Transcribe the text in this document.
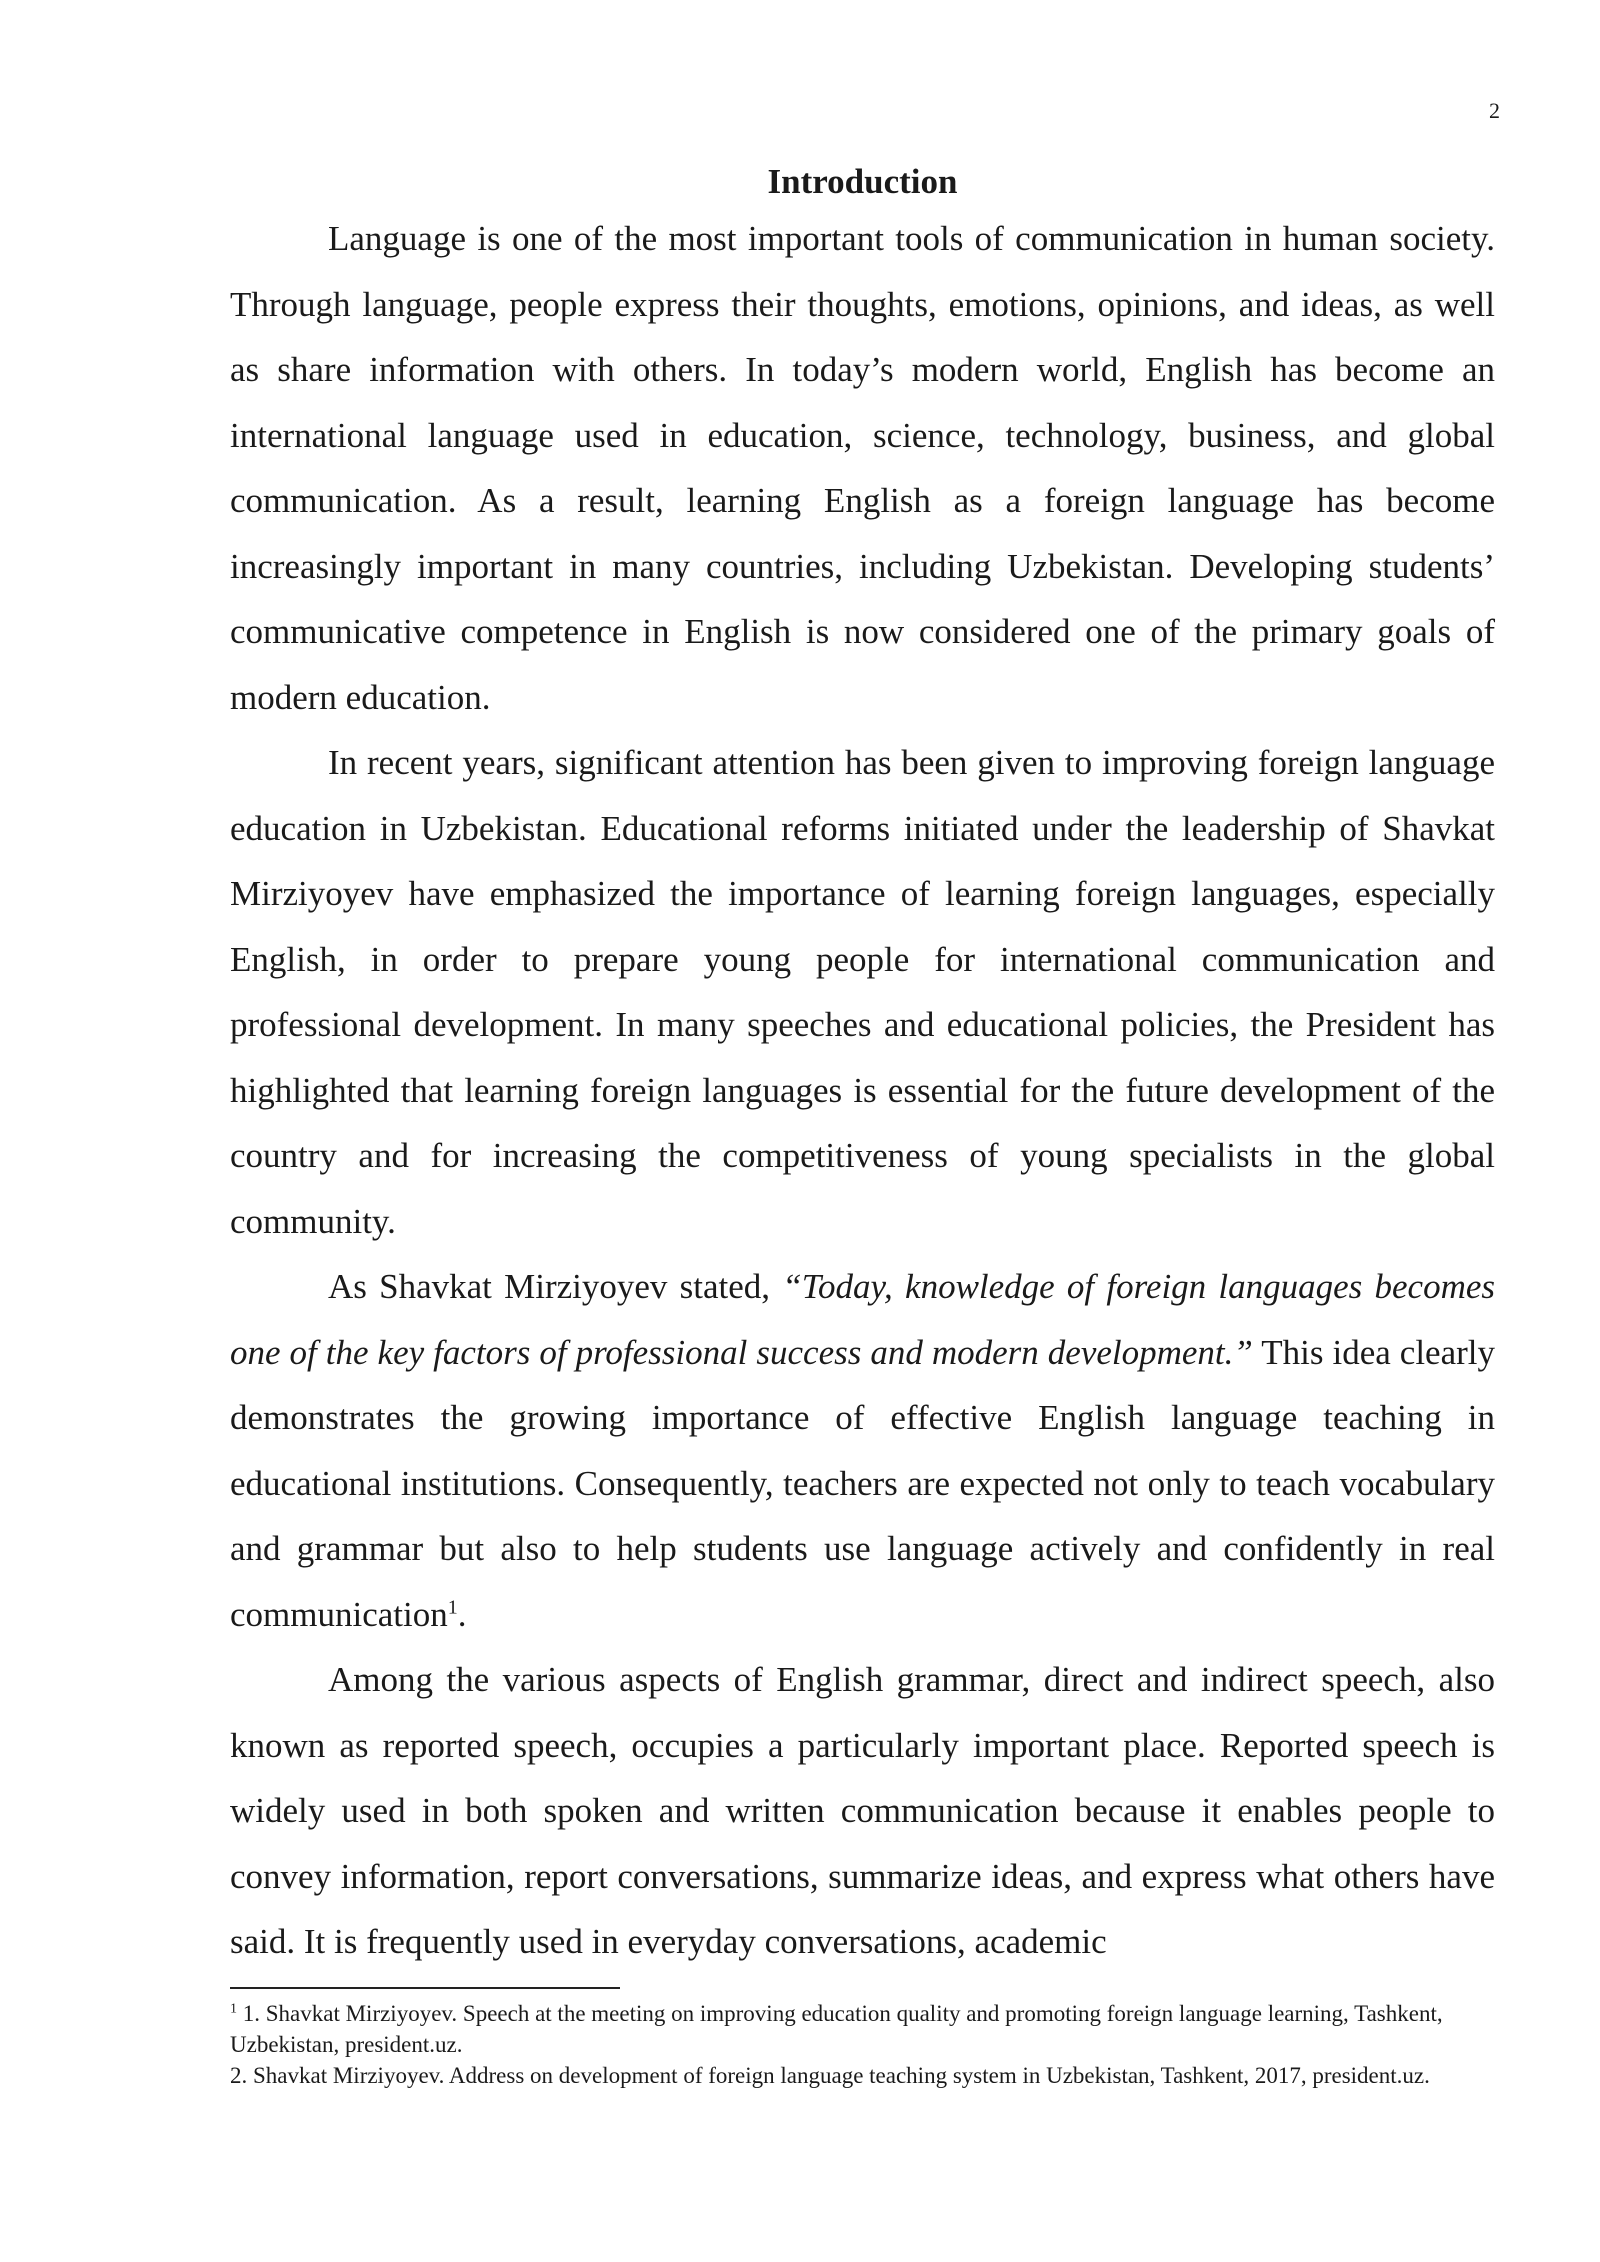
2
Introduction

Language is one of the most important tools of communication in human society. Through language, people express their thoughts, emotions, opinions, and ideas, as well as share information with others. In today’s modern world, English has become an international language used in education, science, technology, business, and global communication. As a result, learning English as a foreign language has become increasingly important in many countries, including Uzbekistan. Developing students’ communicative competence in English is now considered one of the primary goals of modern education.

In recent years, significant attention has been given to improving foreign language education in Uzbekistan. Educational reforms initiated under the leadership of Shavkat Mirziyoyev have emphasized the importance of learning foreign languages, especially English, in order to prepare young people for international communication and professional development. In many speeches and educational policies, the President has highlighted that learning foreign languages is essential for the future development of the country and for increasing the competitiveness of young specialists in the global community.

As Shavkat Mirziyoyev stated, “Today, knowledge of foreign languages becomes one of the key factors of professional success and modern development.” This idea clearly demonstrates the growing importance of effective English language teaching in educational institutions. Consequently, teachers are expected not only to teach vocabulary and grammar but also to help students use language actively and confidently in real communication$^1$.

Among the various aspects of English grammar, direct and indirect speech, also known as reported speech, occupies a particularly important place. Reported speech is widely used in both spoken and written communication because it enables people to convey information, report conversations, summarize ideas, and express what others have said. It is frequently used in everyday conversations, academic

$^1$ 1. Shavkat Mirziyoyev. Speech at the meeting on improving education quality and promoting foreign language learning, Tashkent, Uzbekistan, president.uz.

2. Shavkat Mirziyoyev. Address on development of foreign language teaching system in Uzbekistan, Tashkent, 2017, president.uz.
